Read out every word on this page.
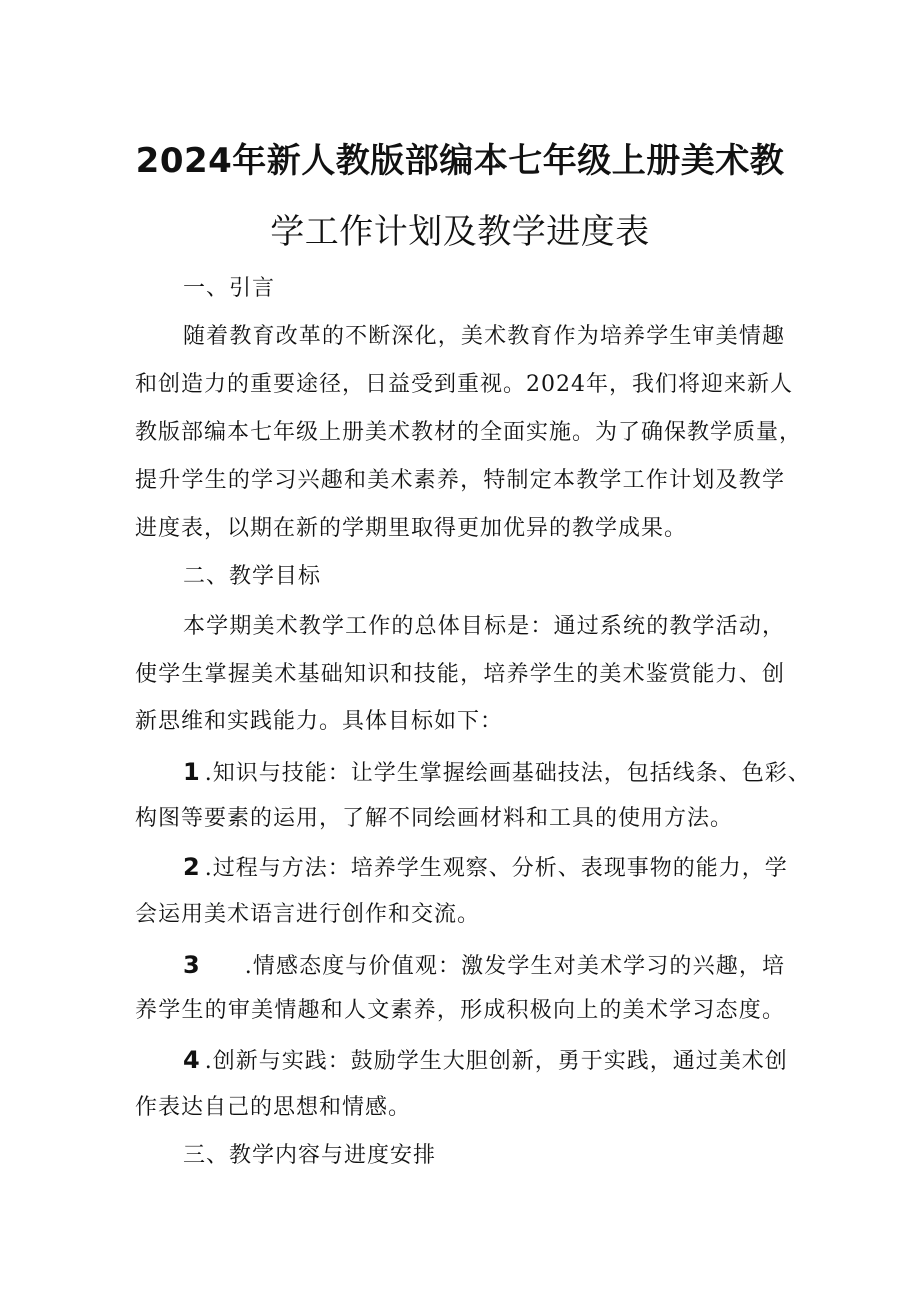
2024年新人教版部编本七年级上册美术教
学工作计划及教学进度表
一、引言
随着教育改革的不断深化，美术教育作为培养学生审美情趣
和创造力的重要途径，日益受到重视。2024年，我们将迎来新人
教版部编本七年级上册美术教材的全面实施。为了确保教学质量，
提升学生的学习兴趣和美术素养，特制定本教学工作计划及教学
进度表，以期在新的学期里取得更加优异的教学成果。
二、教学目标
本学期美术教学工作的总体目标是：通过系统的教学活动，
使学生掌握美术基础知识和技能，培养学生的美术鉴赏能力、创
新思维和实践能力。具体目标如下：
1 .知识与技能：让学生掌握绘画基础技法，包括线条、色彩、
构图等要素的运用，了解不同绘画材料和工具的使用方法。
2 .过程与方法：培养学生观察、分析、表现事物的能力，学
会运用美术语言进行创作和交流。
3 .情感态度与价值观：激发学生对美术学习的兴趣，培
养学生的审美情趣和人文素养，形成积极向上的美术学习态度。
4 .创新与实践：鼓励学生大胆创新，勇于实践，通过美术创
作表达自己的思想和情感。
三、教学内容与进度安排
